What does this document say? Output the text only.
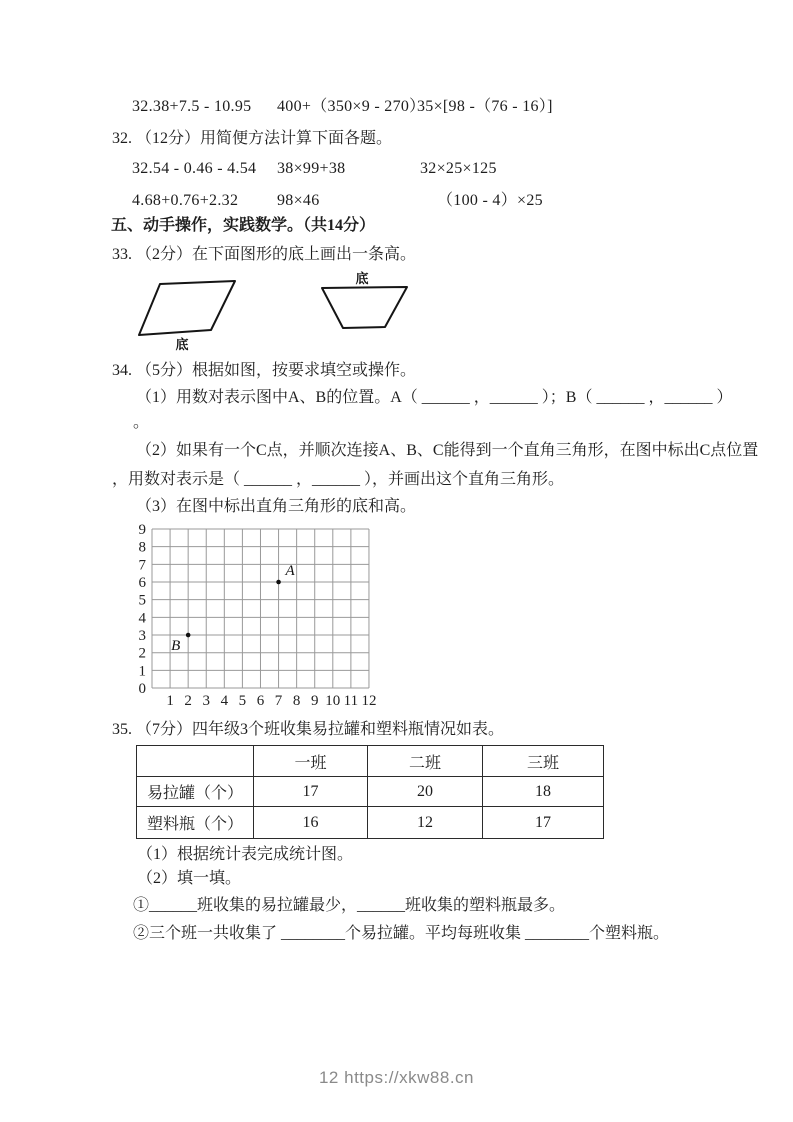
32.38+7.5 - 10.95 400+（350×9 - 270）
35×[98 -（76 - 16）]
32. （12分）用简便方法计算下面各题。
32.54 - 0.46 - 4.54 38×99+38	32×25×125
4.68+0.76+2.32 98×46	（100 - 4）×25
五、动手操作，实践数学。（共14分）
33. （2分）在下面图形的底上画出一条高。
底
底
34. （5分）根据如图，按要求填空或操作。
（1）用数对表示图中A、B的位置。A（ ______ ，______ ）；B（ ______ ，______ ）
。
（2）如果有一个C点，并顺次连接A、B、C能得到一个直角三角形，在图中标出C点位置
，用数对表示是（ ______ ，______ ），并画出这个直角三角形。
（3）在图中标出直角三角形的底和高。
0
1
2
3
4
5
6
7
8
9
1 2 3 4 5 6 7 8 9 10 11 12
A
B
35. （7分）四年级3个班收集易拉罐和塑料瓶情况如表。
	一班	二班	三班
易拉罐（个）	17	20	18
塑料瓶（个）	16	12	17
（1）根据统计表完成统计图。
（2）填一填。
①______班收集的易拉罐最少，______班收集的塑料瓶最多。
②三个班一共收集了 ________个易拉罐。平均每班收集 ________个塑料瓶。
12 https://xkw88.cn
